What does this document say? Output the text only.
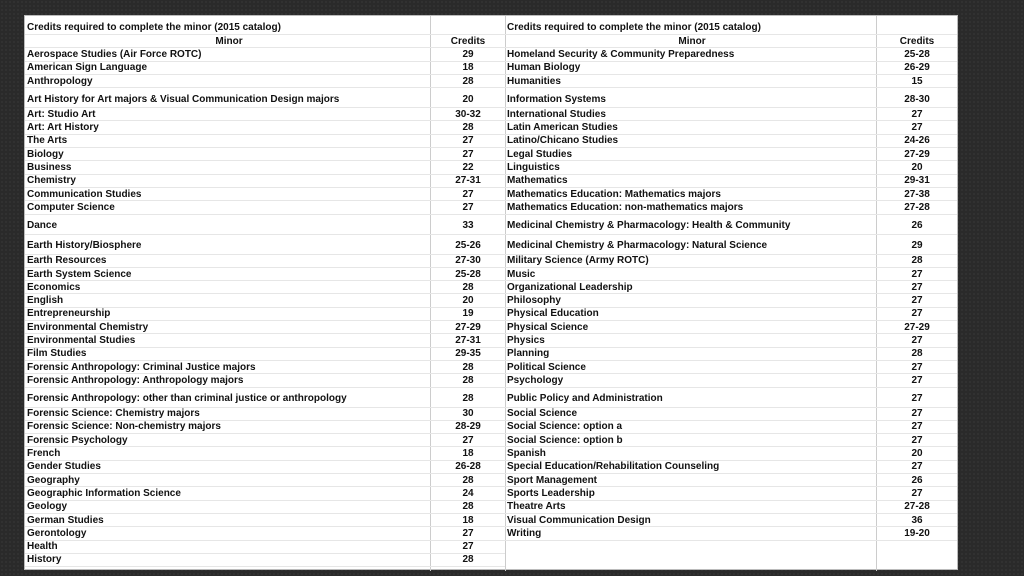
Credits required to complete the minor (2015 catalog)
Minor	Credits
Aerospace Studies (Air Force ROTC)	29
American Sign Language	18
Anthropology	28
Art History for Art majors & Visual Communication Design majors	20
Art: Studio Art	30-32
Art: Art History	28
The Arts	27
Biology	27
Business	22
Chemistry	27-31
Communication Studies	27
Computer Science	27
Dance	33
Earth History/Biosphere	25-26
Earth Resources	27-30
Earth System Science	25-28
Economics	28
English	20
Entrepreneurship	19
Environmental Chemistry	27-29
Environmental Studies	27-31
Film Studies	29-35
Forensic Anthropology: Criminal Justice majors	28
Forensic Anthropology: Anthropology majors	28
Forensic Anthropology: other than criminal justice or anthropology	28
Forensic Science: Chemistry majors	30
Forensic Science: Non-chemistry majors	28-29
Forensic Psychology	27
French	18
Gender Studies	26-28
Geography	28
Geographic Information Science	24
Geology	28
German Studies	18
Gerontology	27
Health	27
History	28
Credits required to complete the minor (2015 catalog)
Minor	Credits
Homeland Security & Community Preparedness	25-28
Human Biology	26-29
Humanities	15
Information Systems	28-30
International Studies	27
Latin American Studies	27
Latino/Chicano Studies	24-26
Legal Studies	27-29
Linguistics	20
Mathematics	29-31
Mathematics Education: Mathematics majors	27-38
Mathematics Education: non-mathematics majors	27-28
Medicinal Chemistry & Pharmacology: Health & Community	26
Medicinal Chemistry & Pharmacology: Natural Science	29
Military Science (Army ROTC)	28
Music	27
Organizational Leadership	27
Philosophy	27
Physical Education	27
Physical Science	27-29
Physics	27
Planning	28
Political Science	27
Psychology	27
Public Policy and Administration	27
Social Science	27
Social Science: option a	27
Social Science: option b	27
Spanish	20
Special Education/Rehabilitation Counseling	27
Sport Management	26
Sports Leadership	27
Theatre Arts	27-28
Visual Communication Design	36
Writing	19-20
